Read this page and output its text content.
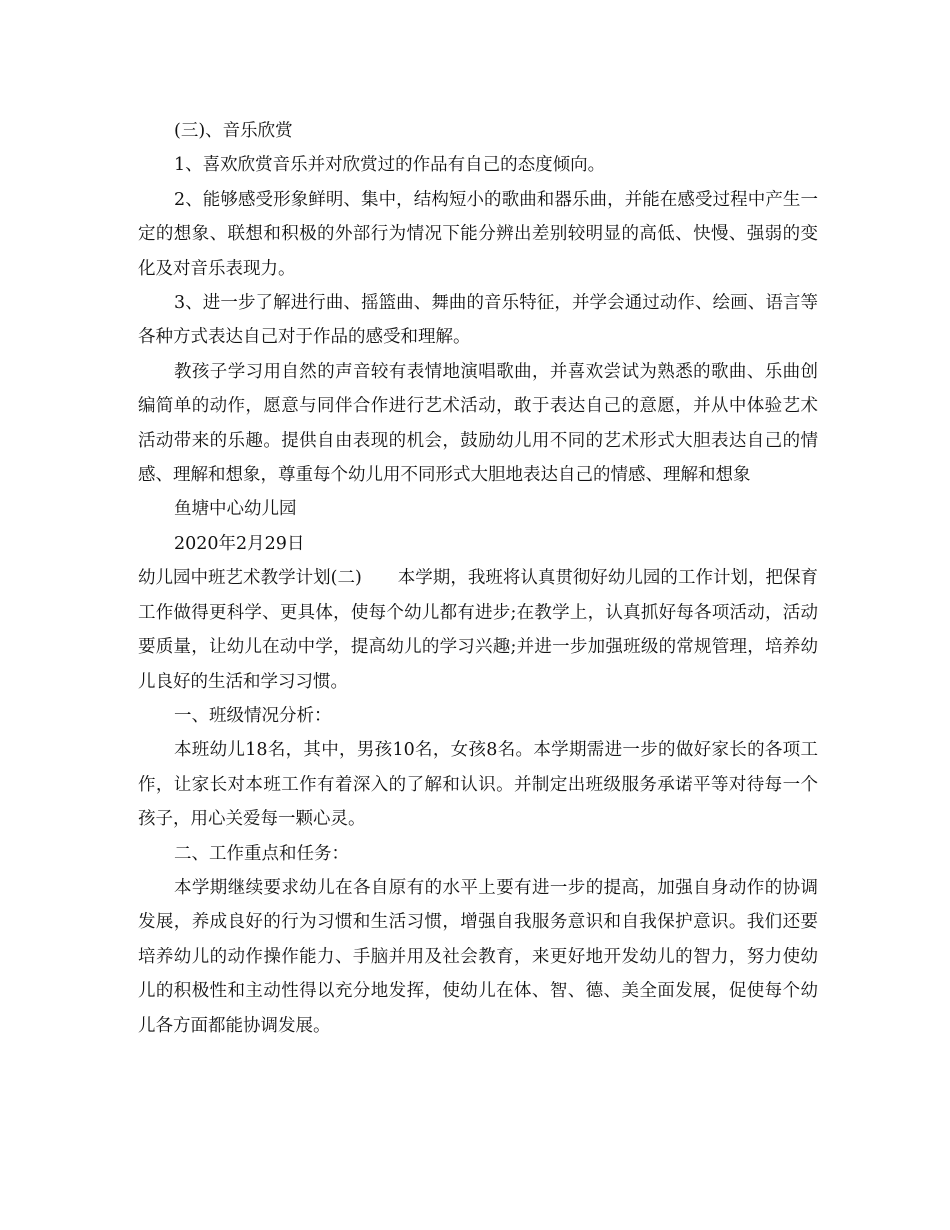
(三)、音乐欣赏

1、喜欢欣赏音乐并对欣赏过的作品有自己的态度倾向。

2、能够感受形象鲜明、集中，结构短小的歌曲和器乐曲，并能在感受过程中产生一定的想象、联想和积极的外部行为情况下能分辨出差别较明显的高低、快慢、强弱的变化及对音乐表现力。

3、进一步了解进行曲、摇篮曲、舞曲的音乐特征，并学会通过动作、绘画、语言等各种方式表达自己对于作品的感受和理解。

教孩子学习用自然的声音较有表情地演唱歌曲，并喜欢尝试为熟悉的歌曲、乐曲创编简单的动作，愿意与同伴合作进行艺术活动，敢于表达自己的意愿，并从中体验艺术活动带来的乐趣。提供自由表现的机会，鼓励幼儿用不同的艺术形式大胆表达自己的情感、理解和想象，尊重每个幼儿用不同形式大胆地表达自己的情感、理解和想象

鱼塘中心幼儿园

2020年2月29日

幼儿园中班艺术教学计划(二) 本学期，我班将认真贯彻好幼儿园的工作计划，把保育工作做得更科学、更具体，使每个幼儿都有进步;在教学上，认真抓好每各项活动，活动要质量，让幼儿在动中学，提高幼儿的学习兴趣;并进一步加强班级的常规管理，培养幼儿良好的生活和学习习惯。

一、班级情况分析：

本班幼儿18名，其中，男孩10名，女孩8名。本学期需进一步的做好家长的各项工作，让家长对本班工作有着深入的了解和认识。并制定出班级服务承诺平等对待每一个孩子，用心关爱每一颗心灵。

二、工作重点和任务：

本学期继续要求幼儿在各自原有的水平上要有进一步的提高，加强自身动作的协调发展，养成良好的行为习惯和生活习惯，增强自我服务意识和自我保护意识。我们还要培养幼儿的动作操作能力、手脑并用及社会教育，来更好地开发幼儿的智力，努力使幼儿的积极性和主动性得以充分地发挥，使幼儿在体、智、德、美全面发展，促使每个幼儿各方面都能协调发展。
